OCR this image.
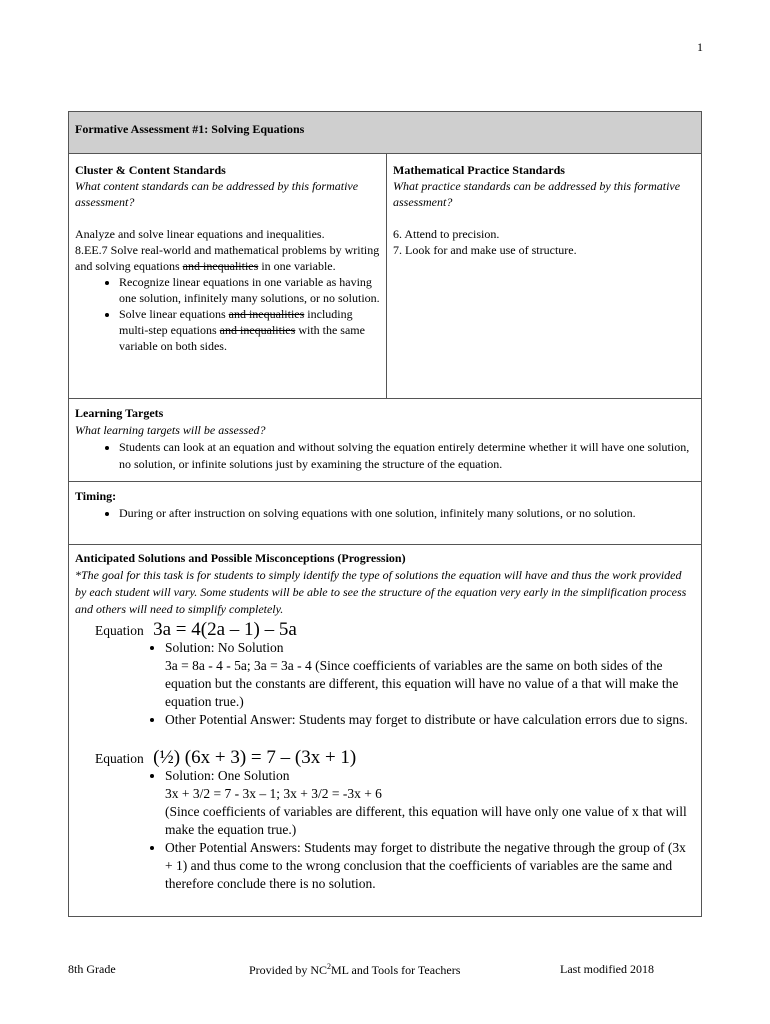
1
Formative Assessment #1: Solving Equations
Cluster & Content Standards
What content standards can be addressed by this formative assessment?
Analyze and solve linear equations and inequalities.
8.EE.7 Solve real-world and mathematical problems by writing and solving equations and inequalities in one variable.
• Recognize linear equations in one variable as having one solution, infinitely many solutions, or no solution.
• Solve linear equations and inequalities including multi-step equations and inequalities with the same variable on both sides.
Mathematical Practice Standards
What practice standards can be addressed by this formative assessment?
6. Attend to precision.
7. Look for and make use of structure.
Learning Targets
What learning targets will be assessed?
• Students can look at an equation and without solving the equation entirely determine whether it will have one solution, no solution, or infinite solutions just by examining the structure of the equation.
Timing:
• During or after instruction on solving equations with one solution, infinitely many solutions, or no solution.
Anticipated Solutions and Possible Misconceptions (Progression)
*The goal for this task is for students to simply identify the type of solutions the equation will have and thus the work provided by each student will vary. Some students will be able to see the structure of the equation very early in the simplification process and others will need to simplify completely.
Equation 3a = 4(2a – 1) – 5a
• Solution: No Solution
3a = 8a - 4 - 5a; 3a = 3a - 4 (Since coefficients of variables are the same on both sides of the equation but the constants are different, this equation will have no value of a that will make the equation true.)
• Other Potential Answer: Students may forget to distribute or have calculation errors due to signs.
Equation (½) (6x + 3) = 7 – (3x + 1)
• Solution: One Solution
3x + 3/2 = 7 - 3x – 1; 3x + 3/2 = -3x + 6
(Since coefficients of variables are different, this equation will have only one value of x that will make the equation true.)
• Other Potential Answers: Students may forget to distribute the negative through the group of (3x + 1) and thus come to the wrong conclusion that the coefficients of variables are the same and therefore conclude there is no solution.
8th Grade	Provided by $NC^2ML$ and Tools for Teachers	Last modified 2018
